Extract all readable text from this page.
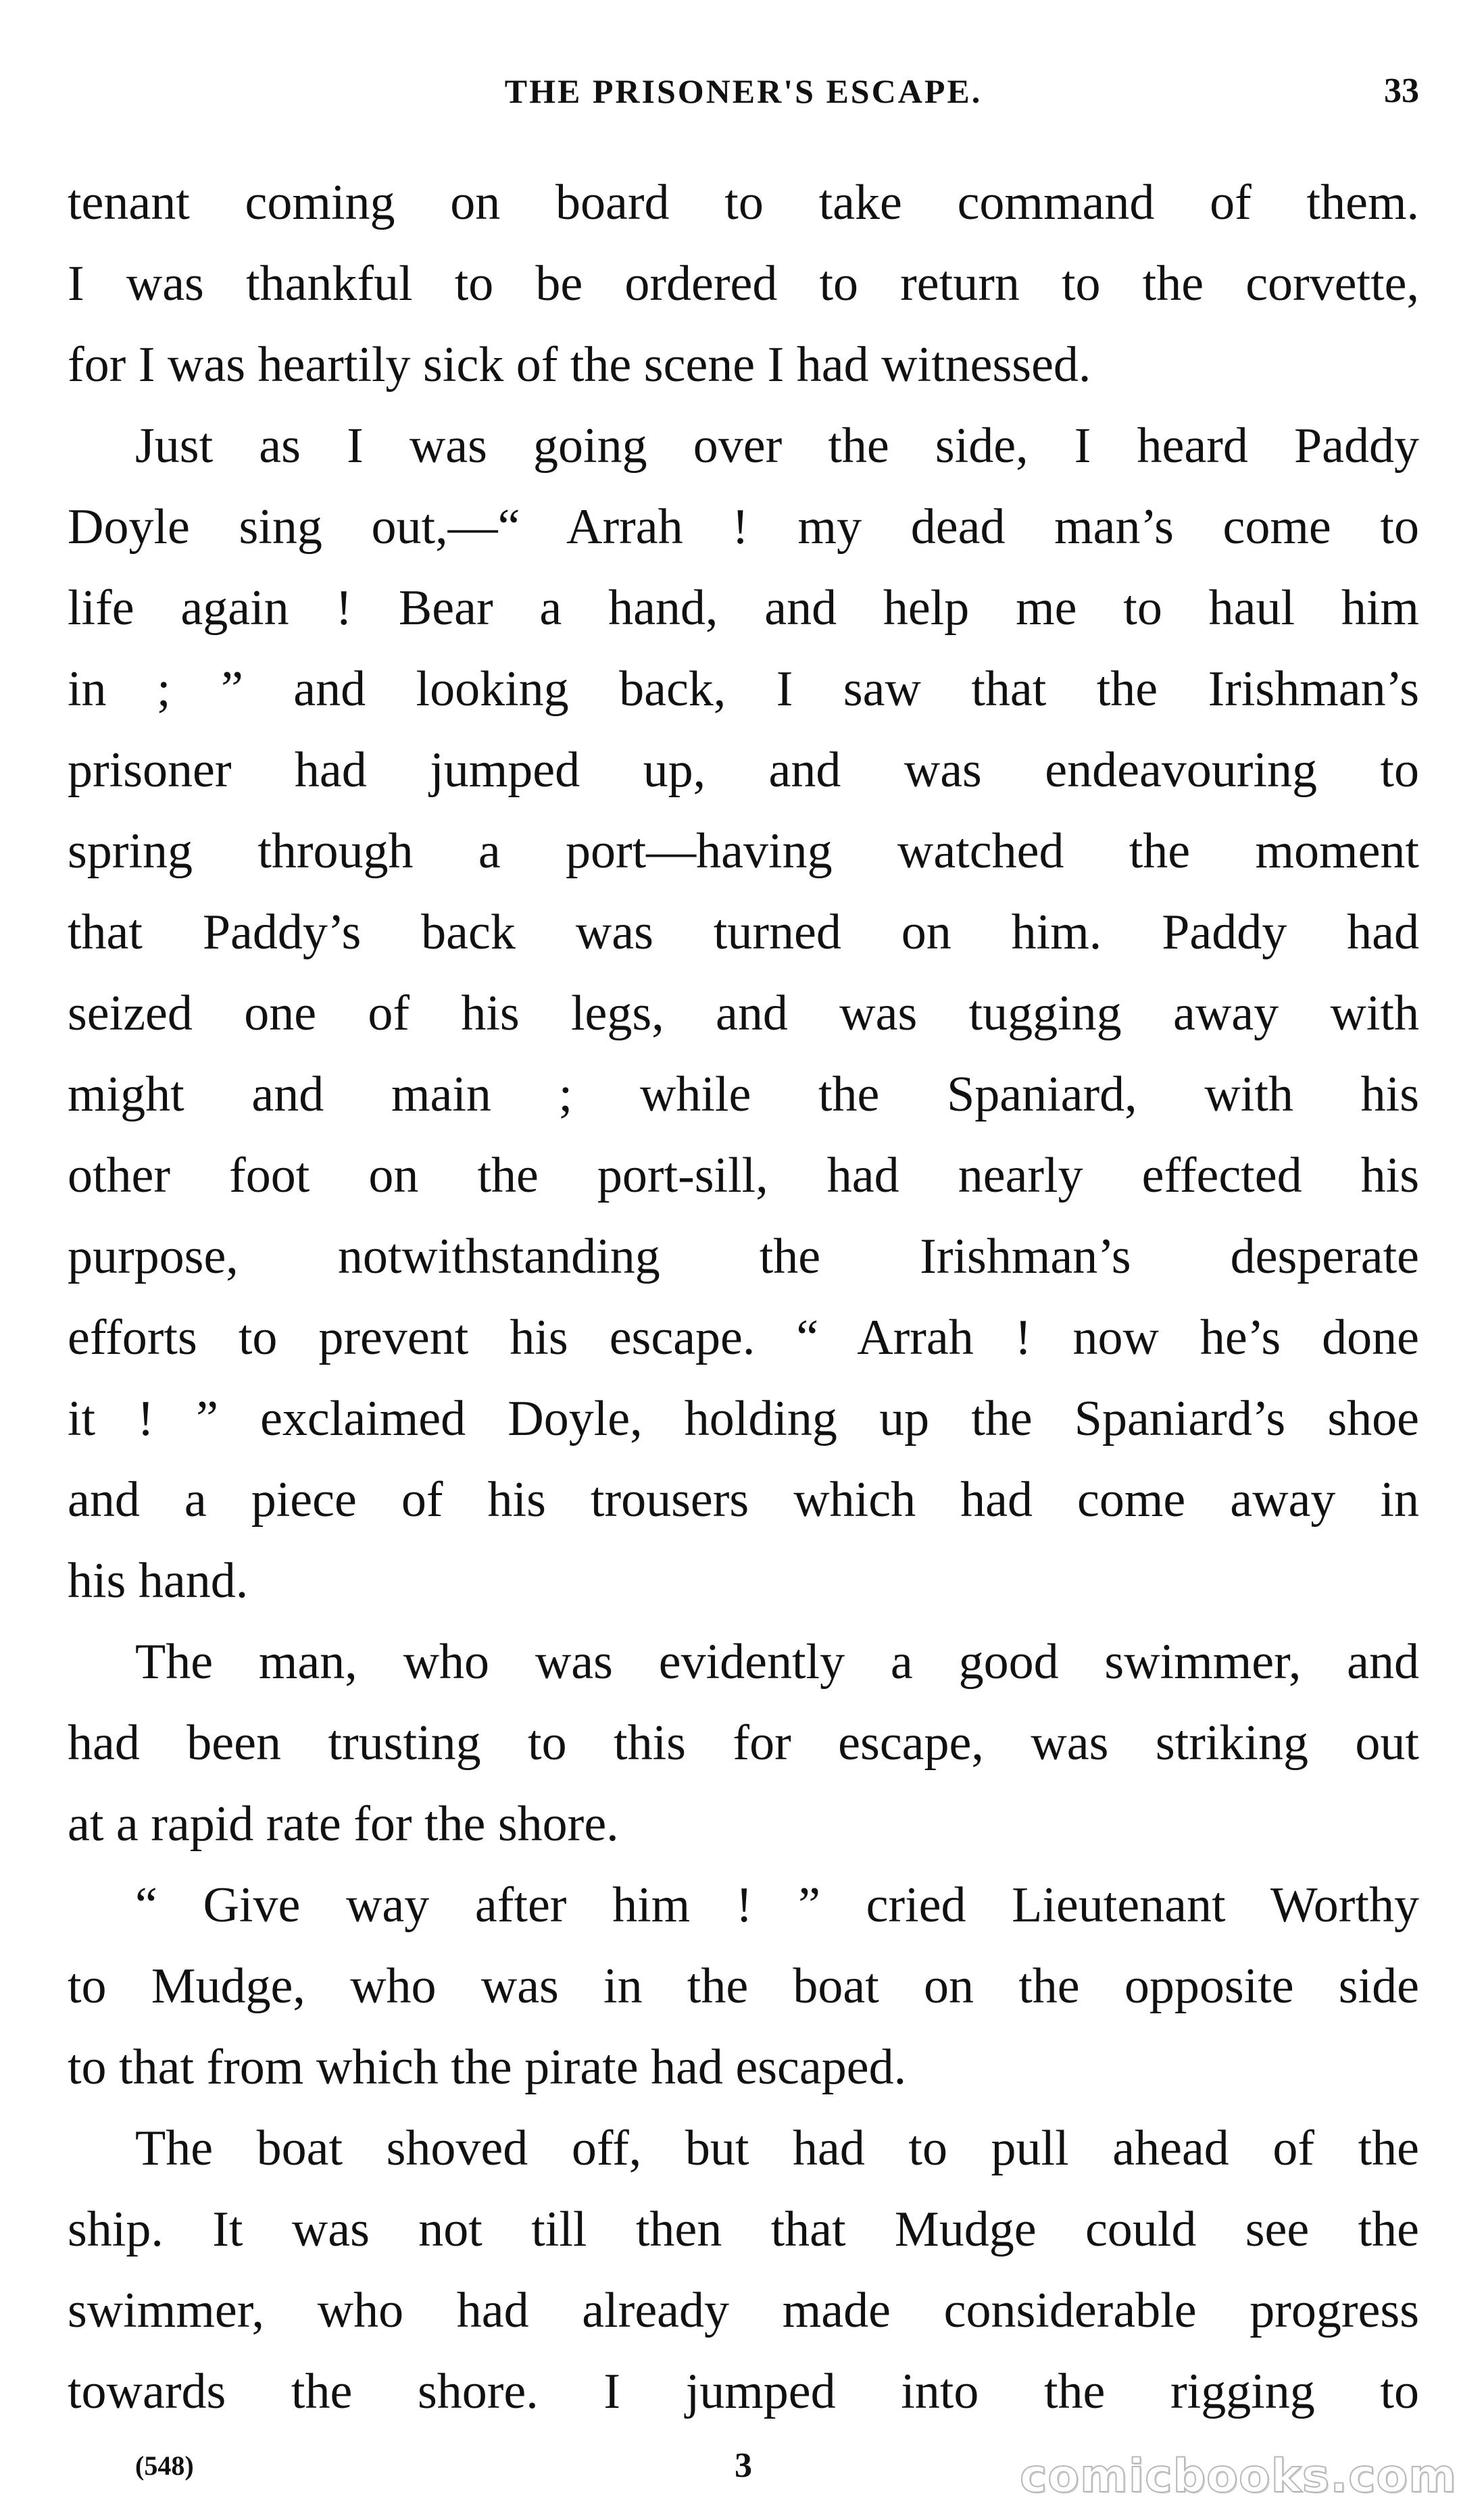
THE PRISONER'S ESCAPE.	33
tenant coming on board to take command of them.
I was thankful to be ordered to return to the corvette,
for I was heartily sick of the scene I had witnessed.
Just as I was going over the side, I heard Paddy
Doyle sing out,—“ Arrah ! my dead man’s come to
life again ! Bear a hand, and help me to haul him
in ; ” and looking back, I saw that the Irishman’s
prisoner had jumped up, and was endeavouring to
spring through a port—having watched the moment
that Paddy’s back was turned on him. Paddy had
seized one of his legs, and was tugging away with
might and main ; while the Spaniard, with his
other foot on the port-sill, had nearly effected his
purpose, notwithstanding the Irishman’s desperate
efforts to prevent his escape. “ Arrah ! now he’s done
it ! ” exclaimed Doyle, holding up the Spaniard’s shoe
and a piece of his trousers which had come away in
his hand.
The man, who was evidently a good swimmer, and
had been trusting to this for escape, was striking out
at a rapid rate for the shore.
“ Give way after him ! ” cried Lieutenant Worthy
to Mudge, who was in the boat on the opposite side
to that from which the pirate had escaped.
The boat shoved off, but had to pull ahead of the
ship. It was not till then that Mudge could see the
swimmer, who had already made considerable progress
towards the shore. I jumped into the rigging to
(548)	3	comicbooks.com
